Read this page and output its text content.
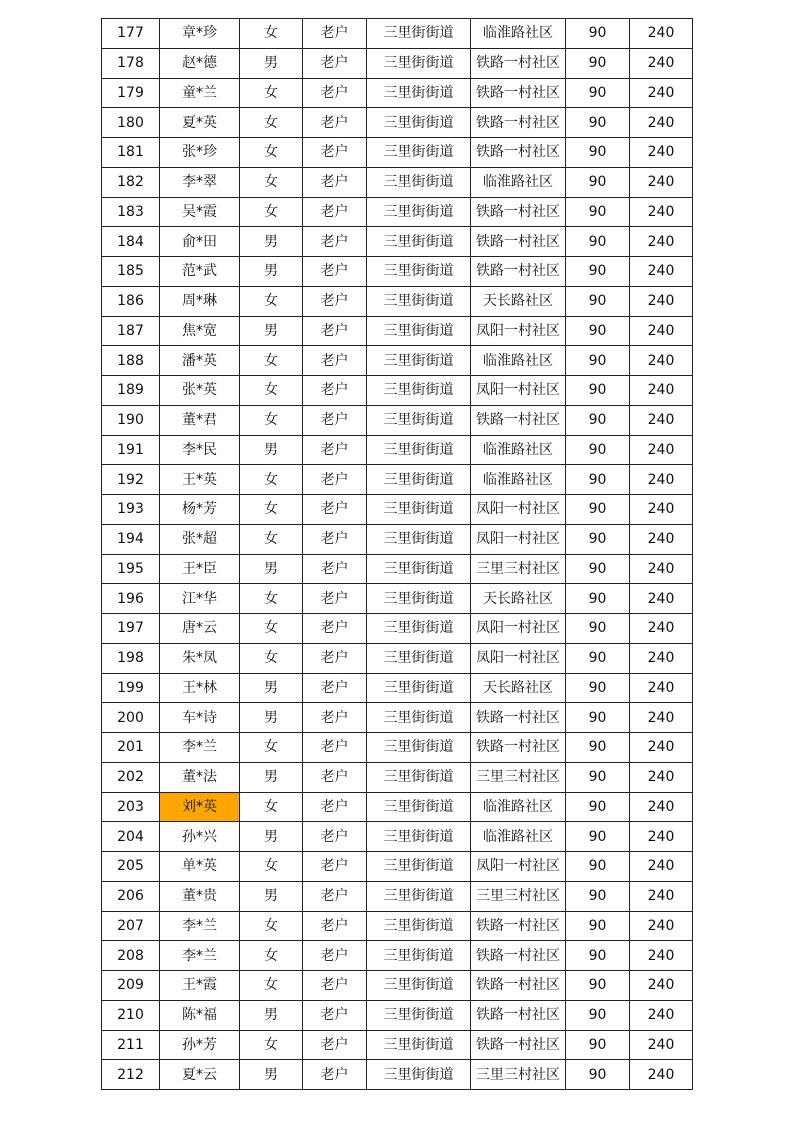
177	章*珍	女	老户	三里街街道	临淮路社区	90	240
178	赵*德	男	老户	三里街街道	铁路一村社区	90	240
179	童*兰	女	老户	三里街街道	铁路一村社区	90	240
180	夏*英	女	老户	三里街街道	铁路一村社区	90	240
181	张*珍	女	老户	三里街街道	铁路一村社区	90	240
182	李*翠	女	老户	三里街街道	临淮路社区	90	240
183	吴*霞	女	老户	三里街街道	铁路一村社区	90	240
184	俞*田	男	老户	三里街街道	铁路一村社区	90	240
185	范*武	男	老户	三里街街道	铁路一村社区	90	240
186	周*琳	女	老户	三里街街道	天长路社区	90	240
187	焦*宽	男	老户	三里街街道	凤阳一村社区	90	240
188	潘*英	女	老户	三里街街道	临淮路社区	90	240
189	张*英	女	老户	三里街街道	凤阳一村社区	90	240
190	董*君	女	老户	三里街街道	铁路一村社区	90	240
191	李*民	男	老户	三里街街道	临淮路社区	90	240
192	王*英	女	老户	三里街街道	临淮路社区	90	240
193	杨*芳	女	老户	三里街街道	凤阳一村社区	90	240
194	张*超	女	老户	三里街街道	凤阳一村社区	90	240
195	王*臣	男	老户	三里街街道	三里三村社区	90	240
196	江*华	女	老户	三里街街道	天长路社区	90	240
197	唐*云	女	老户	三里街街道	凤阳一村社区	90	240
198	朱*凤	女	老户	三里街街道	凤阳一村社区	90	240
199	王*林	男	老户	三里街街道	天长路社区	90	240
200	车*诗	男	老户	三里街街道	铁路一村社区	90	240
201	李*兰	女	老户	三里街街道	铁路一村社区	90	240
202	董*法	男	老户	三里街街道	三里三村社区	90	240
203	刘*英	女	老户	三里街街道	临淮路社区	90	240
204	孙*兴	男	老户	三里街街道	临淮路社区	90	240
205	单*英	女	老户	三里街街道	凤阳一村社区	90	240
206	董*贵	男	老户	三里街街道	三里三村社区	90	240
207	李*兰	女	老户	三里街街道	铁路一村社区	90	240
208	李*兰	女	老户	三里街街道	铁路一村社区	90	240
209	王*霞	女	老户	三里街街道	铁路一村社区	90	240
210	陈*福	男	老户	三里街街道	铁路一村社区	90	240
211	孙*芳	女	老户	三里街街道	铁路一村社区	90	240
212	夏*云	男	老户	三里街街道	三里三村社区	90	240
